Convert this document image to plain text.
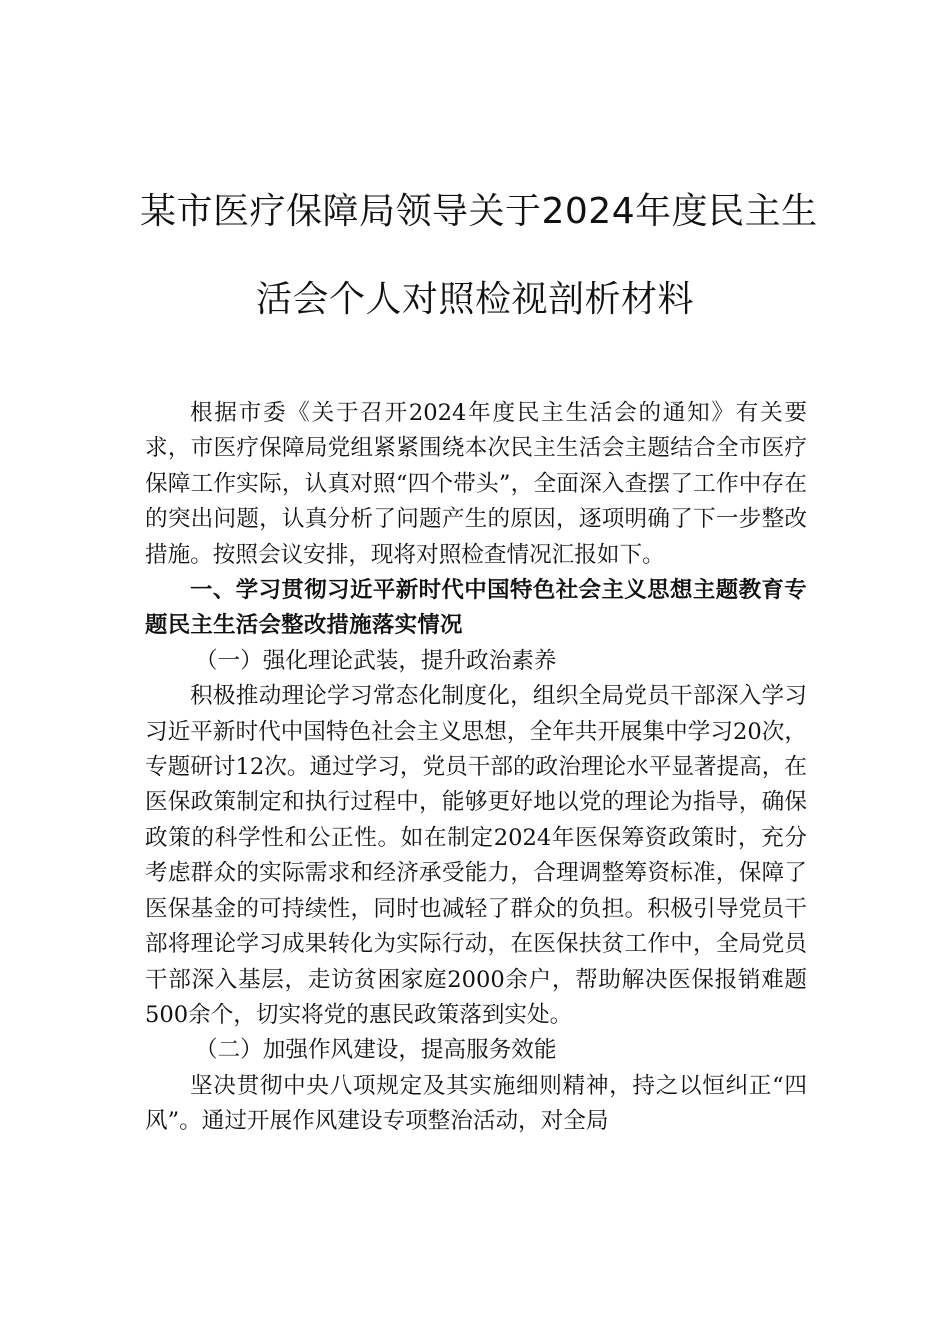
某市医疗保障局领导关于2024年度民主生
活会个人对照检视剖析材料

根据市委《关于召开2024年度民主生活会的通知》有关要求，市医疗保障局党组紧紧围绕本次民主生活会主题结合全市医疗保障工作实际，认真对照“四个带头”，全面深入查摆了工作中存在的突出问题，认真分析了问题产生的原因，逐项明确了下一步整改措施。按照会议安排，现将对照检查情况汇报如下。

一、学习贯彻习近平新时代中国特色社会主义思想主题教育专题民主生活会整改措施落实情况

（一）强化理论武装，提升政治素养

积极推动理论学习常态化制度化，组织全局党员干部深入学习习近平新时代中国特色社会主义思想，全年共开展集中学习20次，专题研讨12次。通过学习，党员干部的政治理论水平显著提高，在医保政策制定和执行过程中，能够更好地以党的理论为指导，确保政策的科学性和公正性。如在制定2024年医保筹资政策时，充分考虑群众的实际需求和经济承受能力，合理调整筹资标准，保障了医保基金的可持续性，同时也减轻了群众的负担。积极引导党员干部将理论学习成果转化为实际行动，在医保扶贫工作中，全局党员干部深入基层，走访贫困家庭2000余户，帮助解决医保报销难题500余个，切实将党的惠民政策落到实处。

（二）加强作风建设，提高服务效能

坚决贯彻中央八项规定及其实施细则精神，持之以恒纠正“四风”。通过开展作风建设专项整治活动，对全局
